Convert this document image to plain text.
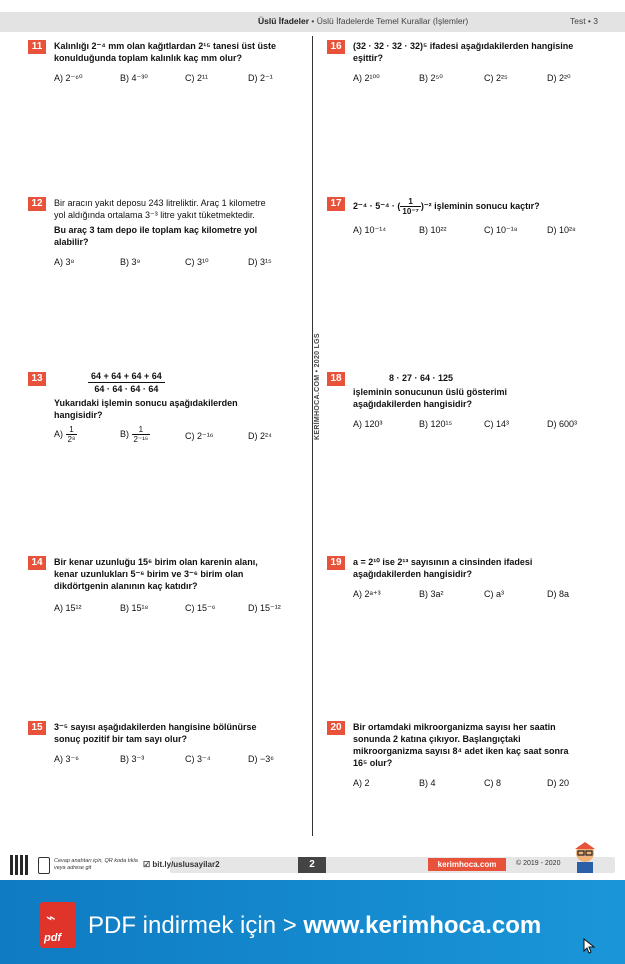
Üslü İfadeler • Üslü İfadelerde Temel Kurallar (İşlemler)	Test • 3
KERİMHOCA.COM • 2020 LGS
11	Kalınlığı 2⁻⁴ mm olan kağıtlardan 2¹⁵ tanesi üst üste konulduğunda toplam kalınlık kaç mm olur?
A) 2⁻⁶⁰	B) 4⁻³⁰	C) 2¹¹	D) 2⁻¹
12	Bir aracın yakıt deposu 243 litreliktir. Araç 1 kilometre yol aldığında ortalama 3⁻³ litre yakıt tüketmektedir.
Bu araç 3 tam depo ile toplam kaç kilometre yol alabilir?
A) 3⁸	B) 3⁹	C) 3¹⁰	D) 3¹⁵
13	$\frac{64 + 64 + 64 + 64}{64 \cdot 64 \cdot 64 \cdot 64}$
Yukarıdaki işlemin sonucu aşağıdakilerden hangisidir?
$A) \frac{1}{\text{2⁸}}$	$B) \frac{1}{\text{2⁻¹⁶}}$	C) 2⁻¹⁶	D) 2²⁴
14	Bir kenar uzunluğu 15⁶ birim olan karenin alanı, kenar uzunlukları 5⁻⁶ birim ve 3⁻⁶ birim olan dikdörtgenin alanının kaç katıdır?
A) 15¹²	B) 15¹⁸	C) 15⁻⁶	D) 15⁻¹²
15	3⁻⁵ sayısı aşağıdakilerden hangisine bölünürse sonuç pozitif bir tam sayı olur?
A) 3⁻⁶	B) 3⁻³	C) 3⁻⁴	D) −3⁶
16	(32 · 32 · 32 · 32)⁵ ifadesi aşağıdakilerden hangisine eşittir?
A) 2¹⁰⁰	B) 2⁵⁰	C) 2²⁵	D) 2²⁰
17	2⁻⁴ · 5⁻⁴ · ( $\frac{1}{\text{10⁻⁷}} )^{-2}$ işleminin sonucu kaçtır?
A) 10⁻¹⁴	B) 10²²	C) 10⁻¹⁸	D) 10²⁸
18	8 · 27 · 64 · 125
işleminin sonucunun üslü gösterimi aşağıdakilerden hangisidir?
A) 120³	B) 120¹⁵	C) 14³	D) 600³
19	a = 2¹⁰ ise 2¹³ sayısının a cinsinden ifadesi aşağıdakilerden hangisidir?
A) 2ᵃ⁺³	B) 3a²	C) a³	D) 8a
20	Bir ortamdaki mikroorganizma sayısı her saatin sonunda 2 katına çıkıyor. Başlangıçtaki mikroorganizma sayısı 8⁴ adet iken kaç saat sonra 16⁵ olur?
A) 2	B) 4	C) 8	D) 20
Cevap anahtarı için, QR koda tıkla veya adrese git	☑ bit.ly/uslusayilar2	2	kerimhoca.com	© 2019 - 2020
⌁
pdf PDF indirmek için > www.kerimhoca.com
